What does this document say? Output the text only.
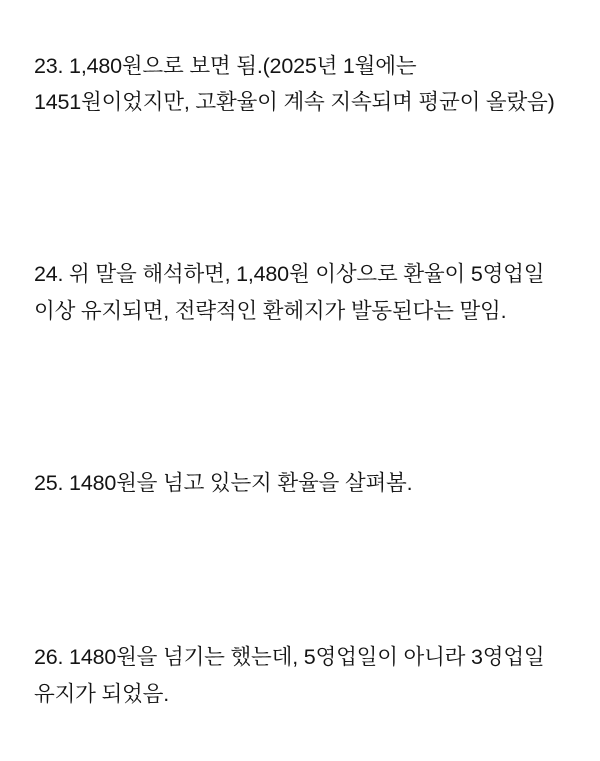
23. 1,480원으로 보면 됨.(2025년 1월에는 1451원이었지만, 고환율이 계속 지속되며 평균이 올랐음)

24. 위 말을 해석하면, 1,480원 이상으로 환율이 5영업일 이상 유지되면, 전략적인 환헤지가 발동된다는 말임.

25. 1480원을 넘고 있는지 환율을 살펴봄.

26. 1480원을 넘기는 했는데, 5영업일이 아니라 3영업일 유지가 되었음.
